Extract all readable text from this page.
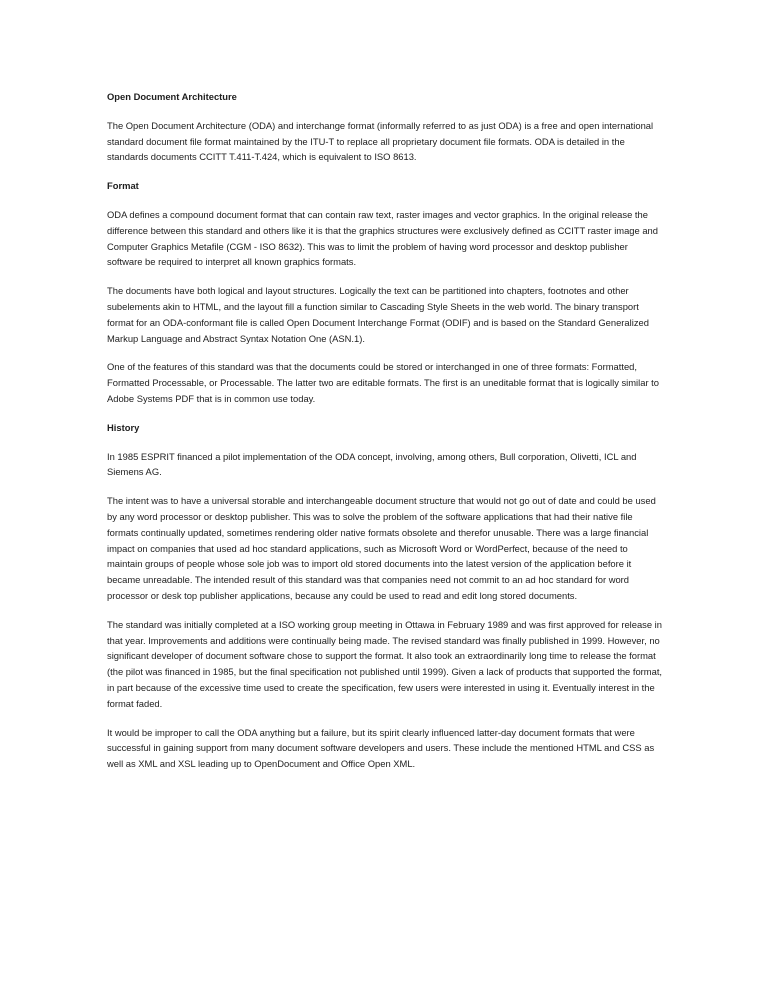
Open Document Architecture
The Open Document Architecture (ODA) and interchange format (informally referred to as just ODA) is a free and open international standard document file format maintained by the ITU-T to replace all proprietary document file formats. ODA is detailed in the standards documents CCITT T.411-T.424, which is equivalent to ISO 8613.
Format
ODA defines a compound document format that can contain raw text, raster images and vector graphics. In the original release the difference between this standard and others like it is that the graphics structures were exclusively defined as CCITT raster image and Computer Graphics Metafile (CGM - ISO 8632). This was to limit the problem of having word processor and desktop publisher software be required to interpret all known graphics formats.
The documents have both logical and layout structures. Logically the text can be partitioned into chapters, footnotes and other subelements akin to HTML, and the layout fill a function similar to Cascading Style Sheets in the web world. The binary transport format for an ODA-conformant file is called Open Document Interchange Format (ODIF) and is based on the Standard Generalized Markup Language and Abstract Syntax Notation One (ASN.1).
One of the features of this standard was that the documents could be stored or interchanged in one of three formats: Formatted, Formatted Processable, or Processable. The latter two are editable formats. The first is an uneditable format that is logically similar to Adobe Systems PDF that is in common use today.
History
In 1985 ESPRIT financed a pilot implementation of the ODA concept, involving, among others, Bull corporation, Olivetti, ICL and Siemens AG.
The intent was to have a universal storable and interchangeable document structure that would not go out of date and could be used by any word processor or desktop publisher. This was to solve the problem of the software applications that had their native file formats continually updated, sometimes rendering older native formats obsolete and therefor unusable. There was a large financial impact on companies that used ad hoc standard applications, such as Microsoft Word or WordPerfect, because of the need to maintain groups of people whose sole job was to import old stored documents into the latest version of the application before it became unreadable. The intended result of this standard was that companies need not commit to an ad hoc standard for word processor or desk top publisher applications, because any could be used to read and edit long stored documents.
The standard was initially completed at a ISO working group meeting in Ottawa in February 1989 and was first approved for release in that year. Improvements and additions were continually being made. The revised standard was finally published in 1999. However, no significant developer of document software chose to support the format. It also took an extraordinarily long time to release the format (the pilot was financed in 1985, but the final specification not published until 1999). Given a lack of products that supported the format, in part because of the excessive time used to create the specification, few users were interested in using it. Eventually interest in the format faded.
It would be improper to call the ODA anything but a failure, but its spirit clearly influenced latter-day document formats that were successful in gaining support from many document software developers and users. These include the mentioned HTML and CSS as well as XML and XSL leading up to OpenDocument and Office Open XML.
